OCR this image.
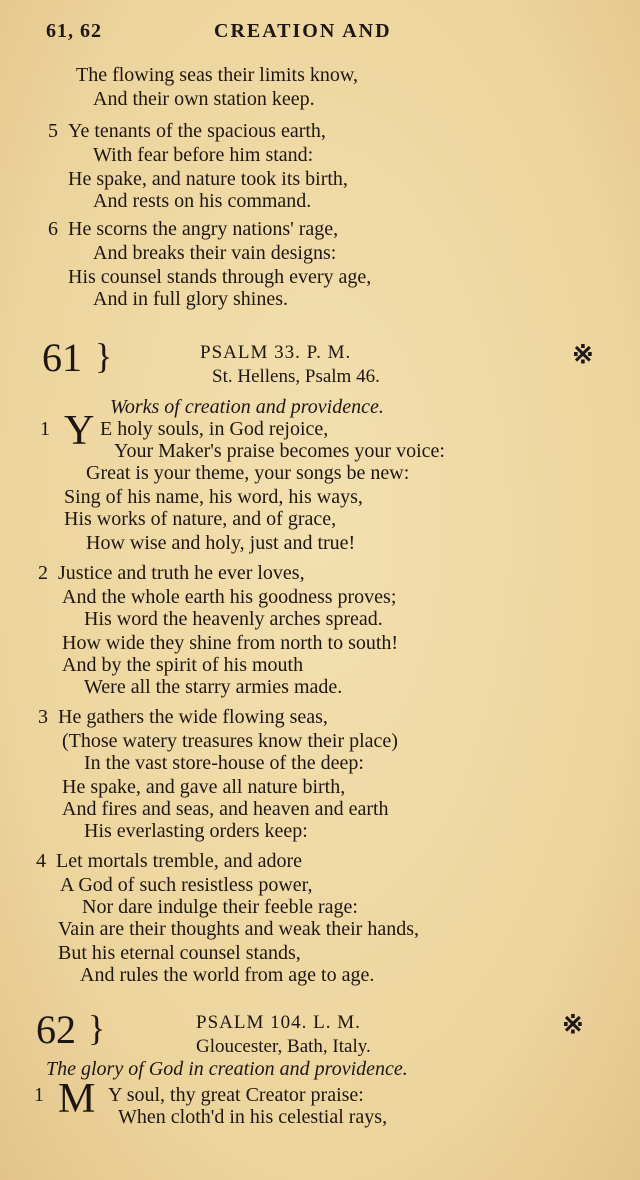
61, 62	CREATION AND
The flowing seas their limits know,
And their own station keep.
5 Ye tenants of the spacious earth,
With fear before him stand:
He spake, and nature took its birth,
And rests on his command.
6 He scorns the angry nations' rage,
And breaks their vain designs:
His counsel stands through every age,
And in full glory shines.
61 }	PSALM 33. P. M.	※
St. Hellens, Psalm 46.
Works of creation and providence.
1 Y E holy souls, in God rejoice,
Your Maker's praise becomes your voice:
Great is your theme, your songs be new:
Sing of his name, his word, his ways,
His works of nature, and of grace,
How wise and holy, just and true!
2 Justice and truth he ever loves,
And the whole earth his goodness proves;
His word the heavenly arches spread.
How wide they shine from north to south!
And by the spirit of his mouth
Were all the starry armies made.
3 He gathers the wide flowing seas,
(Those watery treasures know their place)
In the vast store-house of the deep:
He spake, and gave all nature birth,
And fires and seas, and heaven and earth
His everlasting orders keep:
4 Let mortals tremble, and adore
A God of such resistless power,
Nor dare indulge their feeble rage:
Vain are their thoughts and weak their hands,
But his eternal counsel stands,
And rules the world from age to age.
62 }	PSALM 104. L. M.	※
Gloucester, Bath, Italy.
The glory of God in creation and providence.
1 M Y soul, thy great Creator praise:
When cloth'd in his celestial rays,
